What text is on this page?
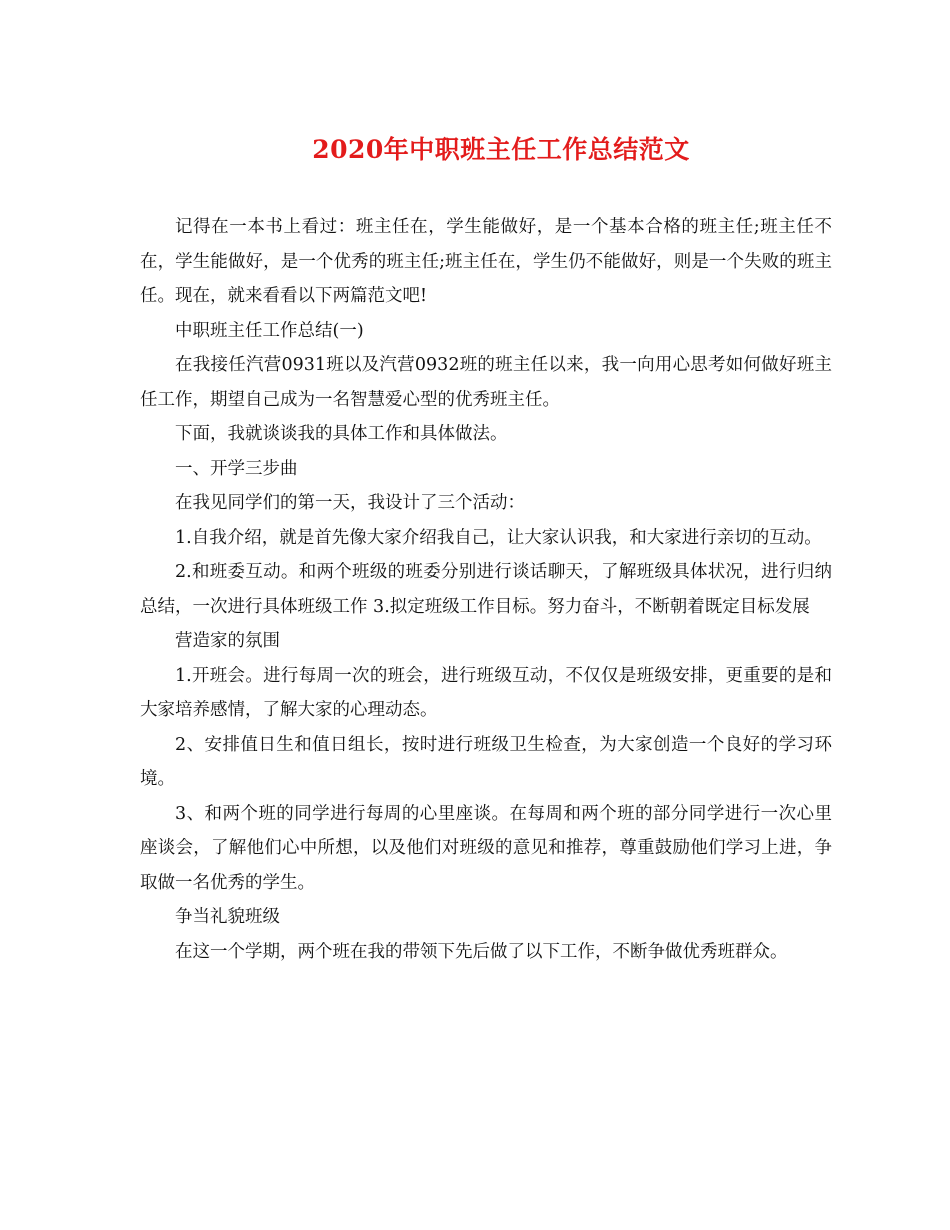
2020年中职班主任工作总结范文

记得在一本书上看过：班主任在，学生能做好，是一个基本合格的班主任;班主任不在，学生能做好，是一个优秀的班主任;班主任在，学生仍不能做好，则是一个失败的班主任。现在，就来看看以下两篇范文吧!

中职班主任工作总结(一)

在我接任汽营0931班以及汽营0932班的班主任以来，我一向用心思考如何做好班主任工作，期望自己成为一名智慧爱心型的优秀班主任。

下面，我就谈谈我的具体工作和具体做法。

一、开学三步曲

在我见同学们的第一天，我设计了三个活动：

1.自我介绍，就是首先像大家介绍我自己，让大家认识我，和大家进行亲切的互动。

2.和班委互动。和两个班级的班委分别进行谈话聊天，了解班级具体状况，进行归纳总结，一次进行具体班级工作 3.拟定班级工作目标。努力奋斗，不断朝着既定目标发展

营造家的氛围

1.开班会。进行每周一次的班会，进行班级互动，不仅仅是班级安排，更重要的是和大家培养感情，了解大家的心理动态。

2、安排值日生和值日组长，按时进行班级卫生检查，为大家创造一个良好的学习环境。

3、和两个班的同学进行每周的心里座谈。在每周和两个班的部分同学进行一次心里座谈会，了解他们心中所想，以及他们对班级的意见和推荐，尊重鼓励他们学习上进，争取做一名优秀的学生。

争当礼貌班级

在这一个学期，两个班在我的带领下先后做了以下工作，不断争做优秀班群众。
